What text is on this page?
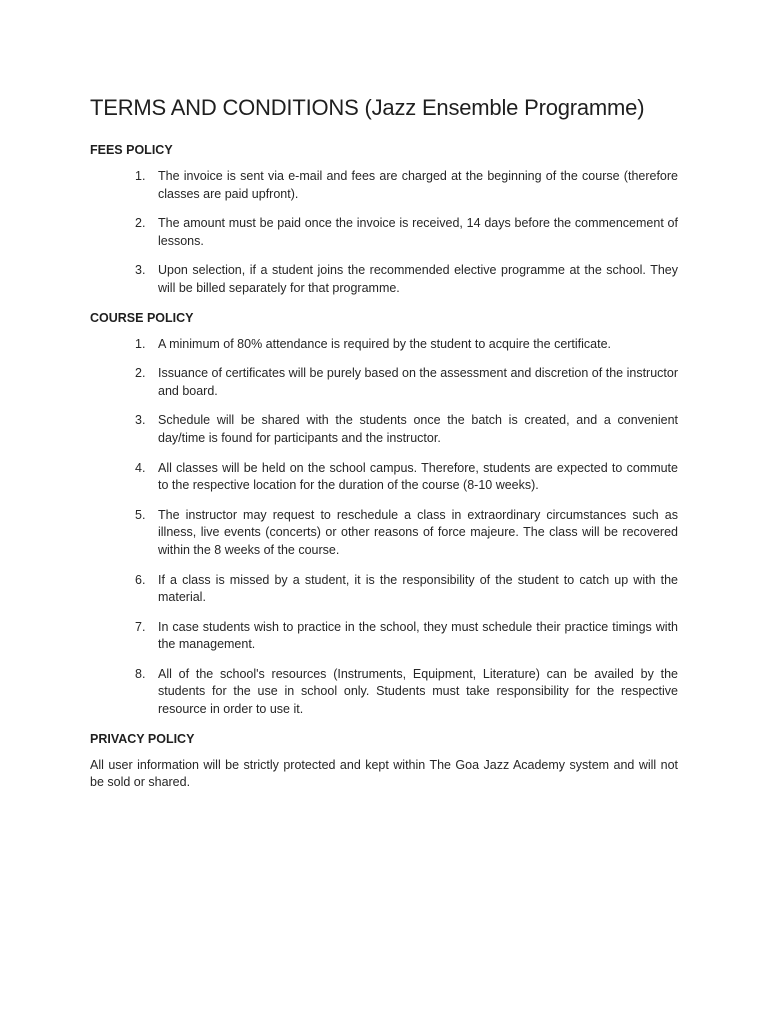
TERMS AND CONDITIONS (Jazz Ensemble Programme)
FEES POLICY
1.	The invoice is sent via e-mail and fees are charged at the beginning of the course (therefore classes are paid upfront).
2.	The amount must be paid once the invoice is received, 14 days before the commencement of lessons.
3.	Upon selection, if a student joins the recommended elective programme at the school. They will be billed separately for that programme.
COURSE POLICY
1.	A minimum of 80% attendance is required by the student to acquire the certificate.
2.	Issuance of certificates will be purely based on the assessment and discretion of the instructor and board.
3.	Schedule will be shared with the students once the batch is created, and a convenient day/time is found for participants and the instructor.
4.	All classes will be held on the school campus. Therefore, students are expected to commute to the respective location for the duration of the course (8-10 weeks).
5.	The instructor may request to reschedule a class in extraordinary circumstances such as illness, live events (concerts) or other reasons of force majeure. The class will be recovered within the 8 weeks of the course.
6.	If a class is missed by a student, it is the responsibility of the student to catch up with the material.
7.	In case students wish to practice in the school, they must schedule their practice timings with the management.
8.	All of the school's resources (Instruments, Equipment, Literature) can be availed by the students for the use in school only. Students must take responsibility for the respective resource in order to use it.
PRIVACY POLICY

All user information will be strictly protected and kept within The Goa Jazz Academy system and will not be sold or shared.
